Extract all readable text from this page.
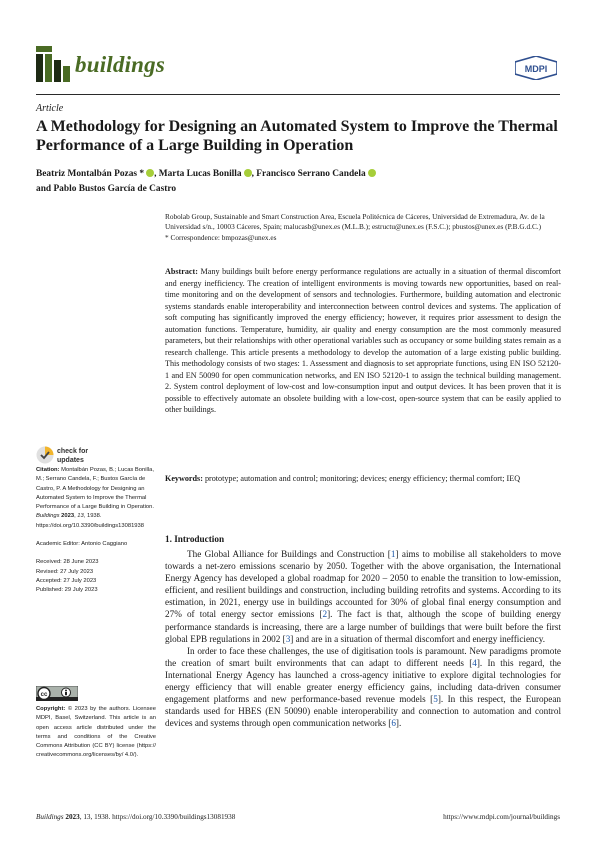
buildings	MDPI
Article
A Methodology for Designing an Automated System to Improve the Thermal Performance of a Large Building in Operation
Beatriz Montalbán Pozas * , Marta Lucas Bonilla , Francisco Serrano Candela
and Pablo Bustos García de Castro

Robolab Group, Sustainable and Smart Construction Area, Escuela Politécnica de Cáceres, Universidad de Extremadura, Av. de la Universidad s/n., 10003 Cáceres, Spain; malucasb@unex.es (M.L.B.); estructu@unex.es (F.S.C.); pbustos@unex.es (P.B.G.d.C.)

* Correspondence: bmpozas@unex.es

Abstract: Many buildings built before energy performance regulations are actually in a situation of thermal discomfort and energy inefficiency. The creation of intelligent environments is moving towards new opportunities, based on real-time monitoring and on the development of sensors and technologies. Furthermore, building automation and electronic systems standards enable interoperability and interconnection between control devices and systems. The application of soft computing has significantly improved the energy efficiency; however, it requires prior assessment to design the automation functions. Temperature, humidity, air quality and energy consumption are the most commonly measured parameters, but their relationships with other operational variables such as occupancy or some building states remain as a research challenge. This article presents a methodology to develop the automation of a large existing public building. This methodology consists of two stages: 1. Assessment and diagnosis to set appropriate functions, using EN ISO 52120-1 and EN 50090 for open communication networks, and EN ISO 52120-1 to assign the technical building management. 2. System control deployment of low-cost and low-consumption input and output devices. It has been proven that it is possible to effectively automate an obsolete building with a low-cost, open-source system that can be easily applied to other buildings.
Keywords: prototype; automation and control; monitoring; devices; energy efficiency; thermal comfort; IEQ
check for
updates

Citation: Montalbán Pozas, B.; Lucas Bonilla, M.; Serrano Candela, F.; Bustos García de Castro, P. A Methodology for Designing an Automated System to Improve the Thermal Performance of a Large Building in Operation. Buildings 2023, 13, 1938. https://doi.org/10.3390/buildings13081938

Academic Editor: Antonio Caggiano

Received: 28 June 2023

Revised: 27 July 2023

Accepted: 27 July 2023

Published: 29 July 2023

cc
Copyright: © 2023 by the authors. Licensee MDPI, Basel, Switzerland. This article is an open access article distributed under the terms and conditions of the Creative Commons Attribution (CC BY) license (https:// creativecommons.org/licenses/by/ 4.0/).
1. Introduction

The Global Alliance for Buildings and Construction [1] aims to mobilise all stakeholders to move towards a net-zero emissions scenario by 2050. Together with the above organisation, the International Energy Agency has developed a global roadmap for 2020 – 2050 to enable the transition to low-emission, efficient, and resilient buildings and construction, including building retrofits and systems. According to its estimation, in 2021, energy use in buildings accounted for 30% of global final energy consumption and 27% of total energy sector emissions [2]. The fact is that, although the scope of building energy performance standards is increasing, there are a large number of buildings that were built before the first global EPB regulations in 2002 [3] and are in a situation of thermal discomfort and energy inefficiency.

In order to face these challenges, the use of digitisation tools is paramount. New paradigms promote the creation of smart built environments that can adapt to different needs [4]. In this regard, the International Energy Agency has launched a cross-agency initiative to explore digital technologies for energy efficiency that will enable greater energy efficiency gains, including data-driven consumer engagement platforms and new performance-based revenue models [5]. In this respect, the European standards used for HBES (EN 50090) enable interoperability and connection to automation and control devices and systems through open communication networks [6].

Buildings 2023, 13, 1938. https://doi.org/10.3390/buildings13081938	https://www.mdpi.com/journal/buildings
